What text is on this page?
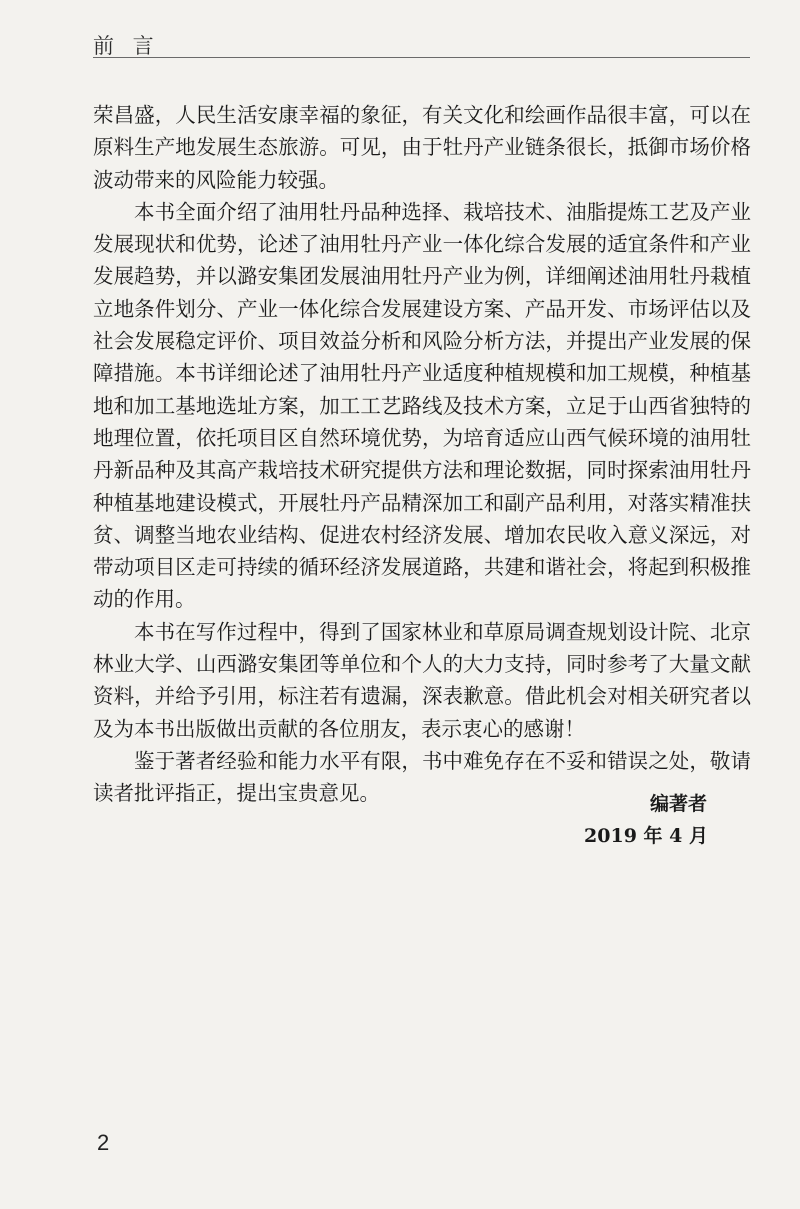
前 言

荣昌盛，人民生活安康幸福的象征，有关文化和绘画作品很丰富，可以在原料生产地发展生态旅游。可见，由于牡丹产业链条很长，抵御市场价格波动带来的风险能力较强。

本书全面介绍了油用牡丹品种选择、栽培技术、油脂提炼工艺及产业发展现状和优势，论述了油用牡丹产业一体化综合发展的适宜条件和产业发展趋势，并以潞安集团发展油用牡丹产业为例，详细阐述油用牡丹栽植立地条件划分、产业一体化综合发展建设方案、产品开发、市场评估以及社会发展稳定评价、项目效益分析和风险分析方法，并提出产业发展的保障措施。本书详细论述了油用牡丹产业适度种植规模和加工规模，种植基地和加工基地选址方案，加工工艺路线及技术方案，立足于山西省独特的地理位置，依托项目区自然环境优势，为培育适应山西气候环境的油用牡丹新品种及其高产栽培技术研究提供方法和理论数据，同时探索油用牡丹种植基地建设模式，开展牡丹产品精深加工和副产品利用，对落实精准扶贫、调整当地农业结构、促进农村经济发展、增加农民收入意义深远，对带动项目区走可持续的循环经济发展道路，共建和谐社会，将起到积极推动的作用。

本书在写作过程中，得到了国家林业和草原局调查规划设计院、北京林业大学、山西潞安集团等单位和个人的大力支持，同时参考了大量文献资料，并给予引用，标注若有遗漏，深表歉意。借此机会对相关研究者以及为本书出版做出贡献的各位朋友，表示衷心的感谢！

鉴于著者经验和能力水平有限，书中难免存在不妥和错误之处，敬请读者批评指正，提出宝贵意见。	编著者
2019 年 4 月
2
